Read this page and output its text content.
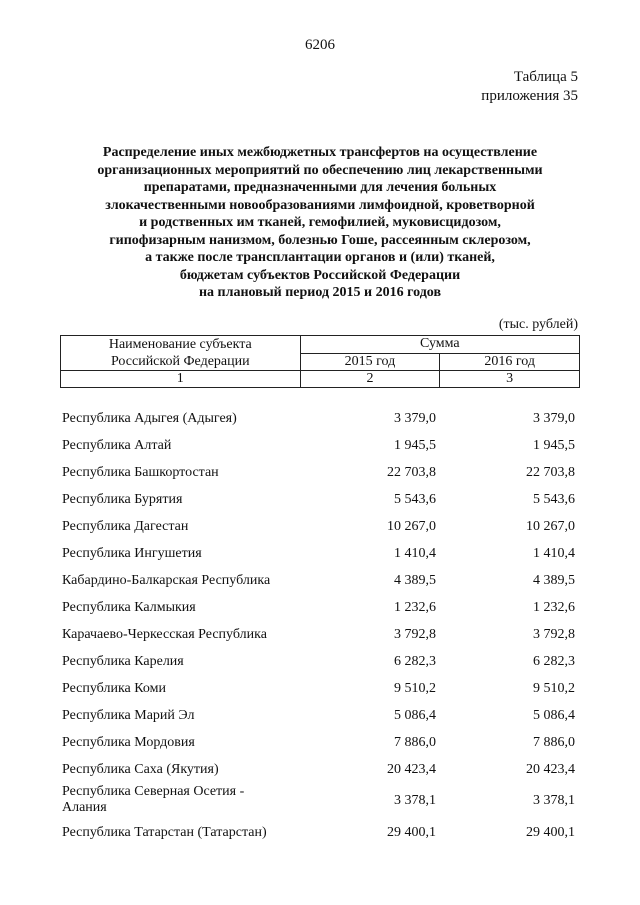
6206
Таблица 5
приложения 35
Распределение иных межбюджетных трансфертов на осуществление
организационных мероприятий по обеспечению лиц лекарственными
препаратами, предназначенными для лечения больных
злокачественными новообразованиями лимфоидной, кроветворной
и родственных им тканей, гемофилией, муковисцидозом,
гипофизарным нанизмом, болезнью Гоше, рассеянным склерозом,
а также после трансплантации органов и (или) тканей,
бюджетам субъектов Российской Федерации
на плановый период 2015 и 2016 годов
(тыс. рублей)
Наименование субъекта
Российской Федерации	Сумма	
	2015 год	2016 год
1	2	3
Республика Адыгея (Адыгея)	3 379,0	3 379,0
Республика Алтай	1 945,5	1 945,5
Республика Башкортостан	22 703,8	22 703,8
Республика Бурятия	5 543,6	5 543,6
Республика Дагестан	10 267,0	10 267,0
Республика Ингушетия	1 410,4	1 410,4
Кабардино-Балкарская Республика	4 389,5	4 389,5
Республика Калмыкия	1 232,6	1 232,6
Карачаево-Черкесская Республика	3 792,8	3 792,8
Республика Карелия	6 282,3	6 282,3
Республика Коми	9 510,2	9 510,2
Республика Марий Эл	5 086,4	5 086,4
Республика Мордовия	7 886,0	7 886,0
Республика Саха (Якутия)	20 423,4	20 423,4
Республика Северная Осетия - Алания	3 378,1	3 378,1
Республика Татарстан (Татарстан)	29 400,1	29 400,1
